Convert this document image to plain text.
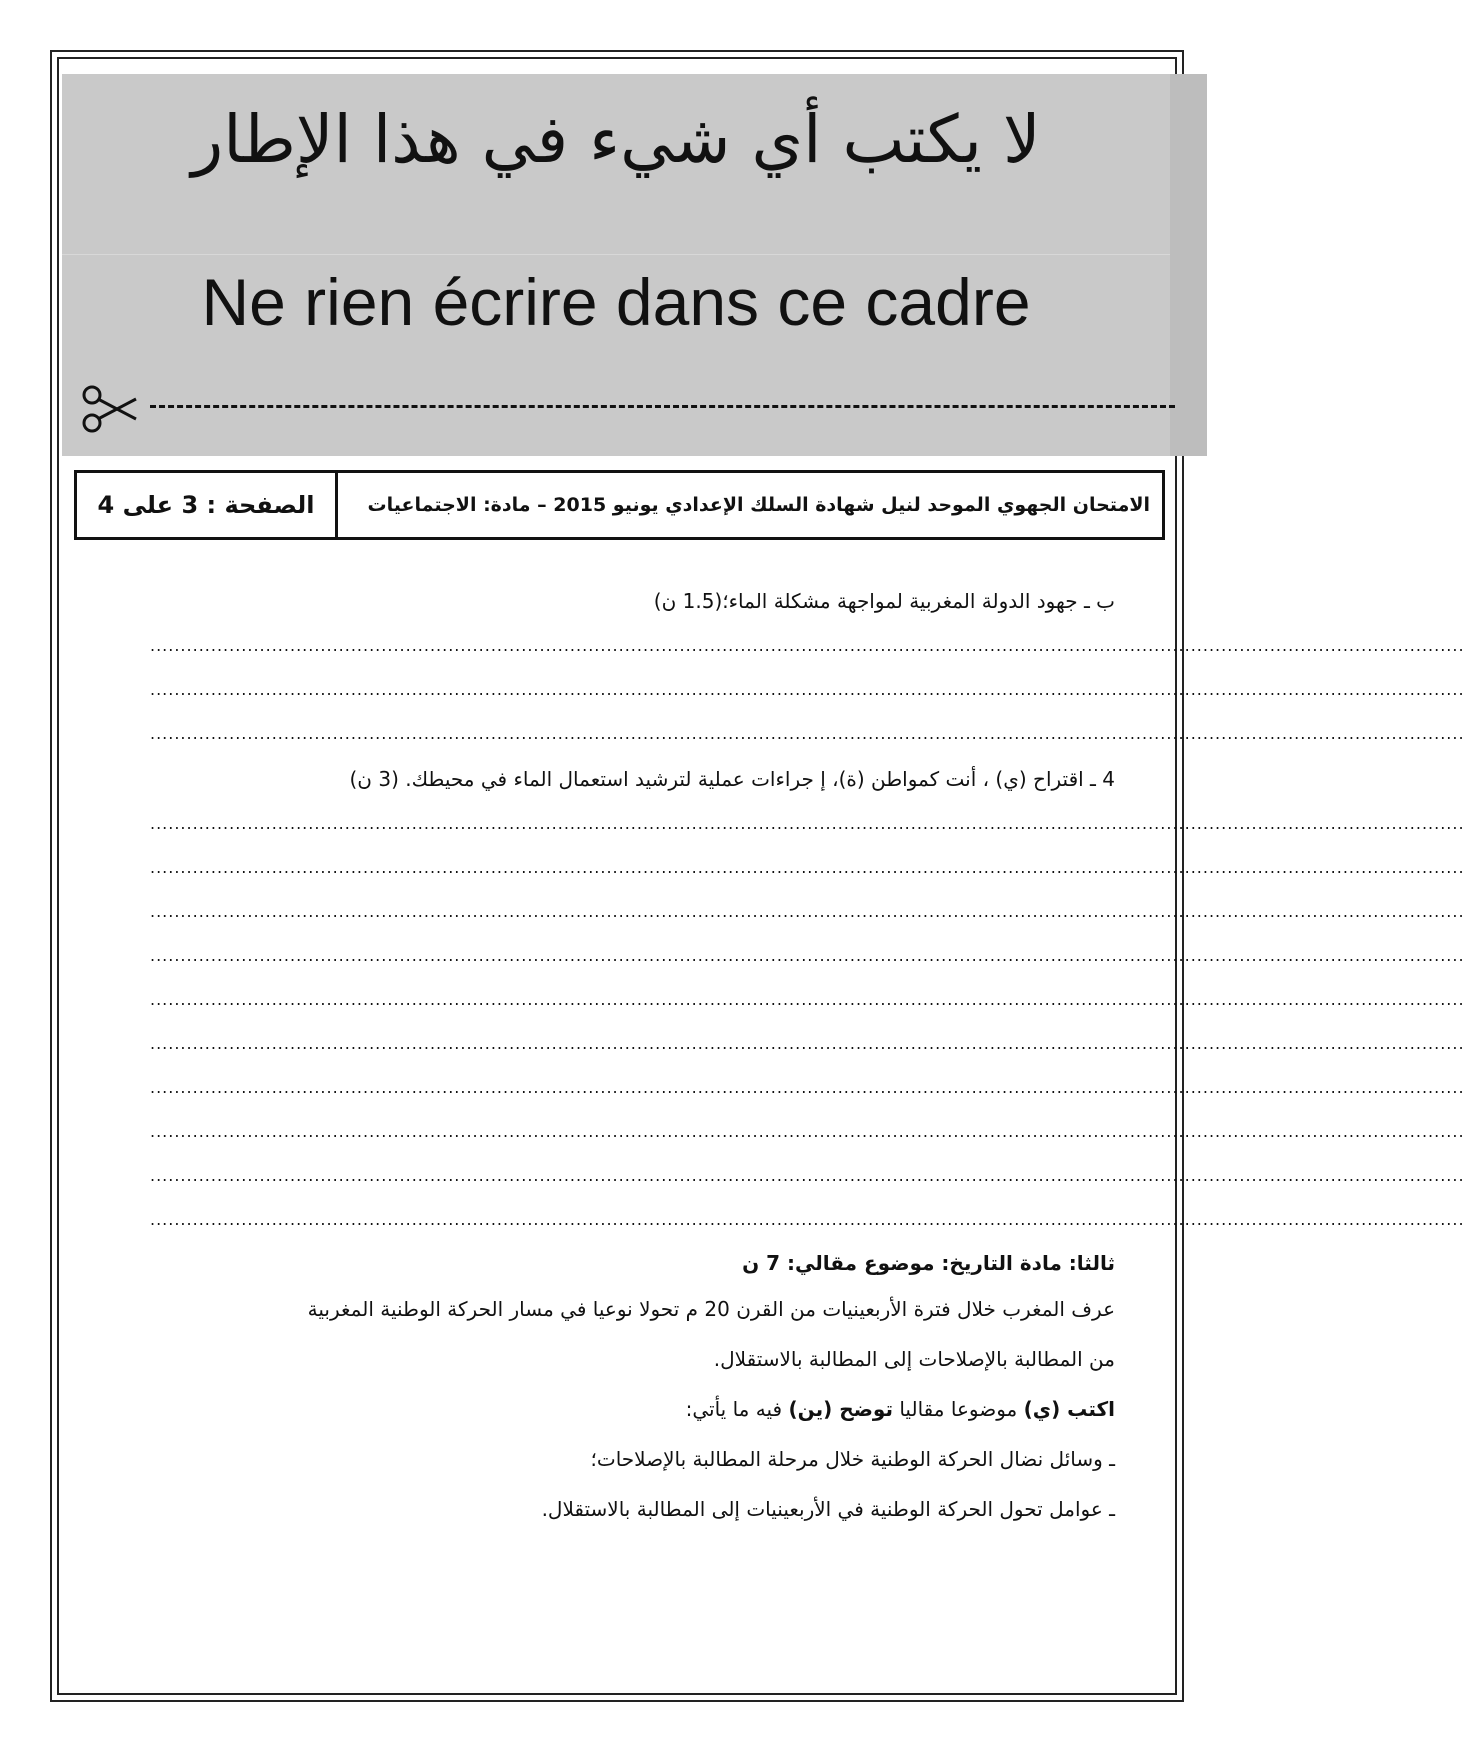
لا يكتب أي شيء في هذا الإطار
Ne rien écrire dans ce cadre
الصفحة : 3 على 4	الامتحان الجهوي الموحد لنيل شهادة السلك الإعدادي يونيو 2015 – مادة: الاجتماعيات
ب ـ جهود الدولة المغربية لمواجهة مشكلة الماء؛(1.5 ن)
........................................................................................................................................................................................................................
........................................................................................................................................................................................................................
........................................................................................................................................................................................................................
4 ـ اقتراح (ي) ، أنت كمواطن (ة)، إ جراءات عملية لترشيد استعمال الماء في محيطك. (3 ن)
........................................................................................................................................................................................................................
........................................................................................................................................................................................................................
........................................................................................................................................................................................................................
........................................................................................................................................................................................................................
........................................................................................................................................................................................................................
........................................................................................................................................................................................................................
........................................................................................................................................................................................................................
........................................................................................................................................................................................................................
........................................................................................................................................................................................................................
........................................................................................................................................................................................................................
ثالثا: مادة التاريخ: موضوع مقالي: 7 ن
عرف المغرب خلال فترة الأربعينيات من القرن 20 م تحولا نوعيا في مسار الحركة الوطنية المغربية
من المطالبة بالإصلاحات إلى المطالبة بالاستقلال.
اكتب (ي) موضوعا مقاليا توضح (ين) فيه ما يأتي:
ـ وسائل نضال الحركة الوطنية خلال مرحلة المطالبة بالإصلاحات؛
ـ عوامل تحول الحركة الوطنية في الأربعينيات إلى المطالبة بالاستقلال.
